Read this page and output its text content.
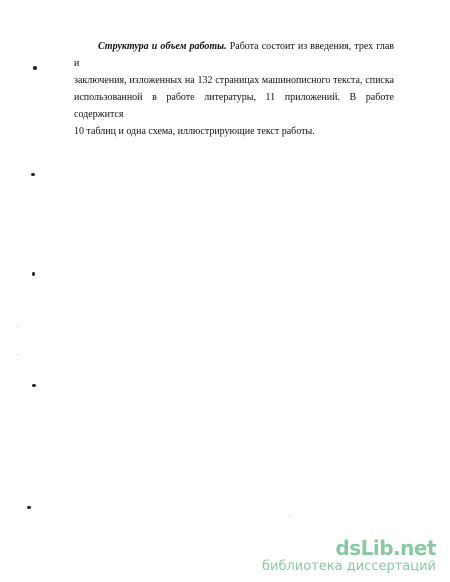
Структура и объем работы. Работа состоит из введения, трех глав и
заключения, изложенных на 132 страницах машинописного текста, списка
использованной в работе литературы, 11 приложений. В работе содержится
10 таблиц и одна схема, иллюстрирующие текст работы.

dsLib.net
библиотека диссертаций
